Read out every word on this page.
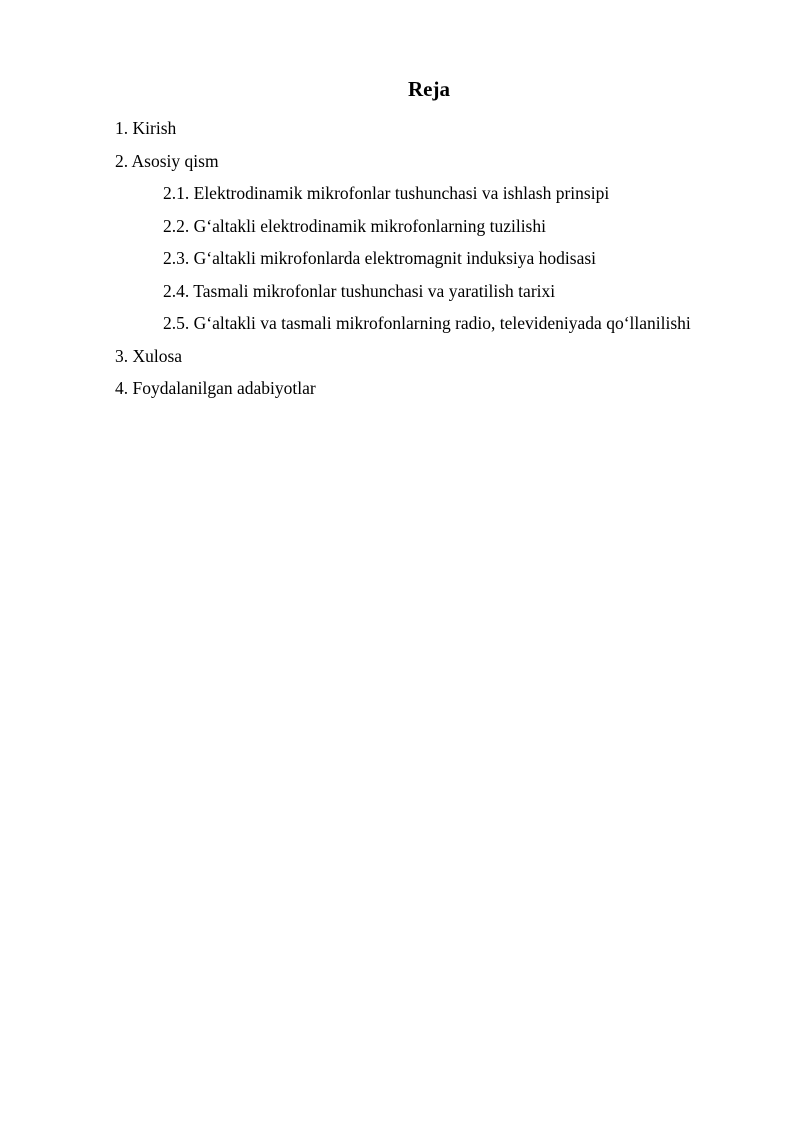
Reja
1. Kirish
2. Asosiy qism
2.1. Elektrodinamik mikrofonlar tushunchasi va ishlash prinsipi
2.2. G‘altakli elektrodinamik mikrofonlarning tuzilishi
2.3. G‘altakli mikrofonlarda elektromagnit induksiya hodisasi
2.4. Tasmali mikrofonlar tushunchasi va yaratilish tarixi
2.5. G‘altakli va tasmali mikrofonlarning radio, televideniyada qo‘llanilishi
3. Xulosa
4. Foydalanilgan adabiyotlar
